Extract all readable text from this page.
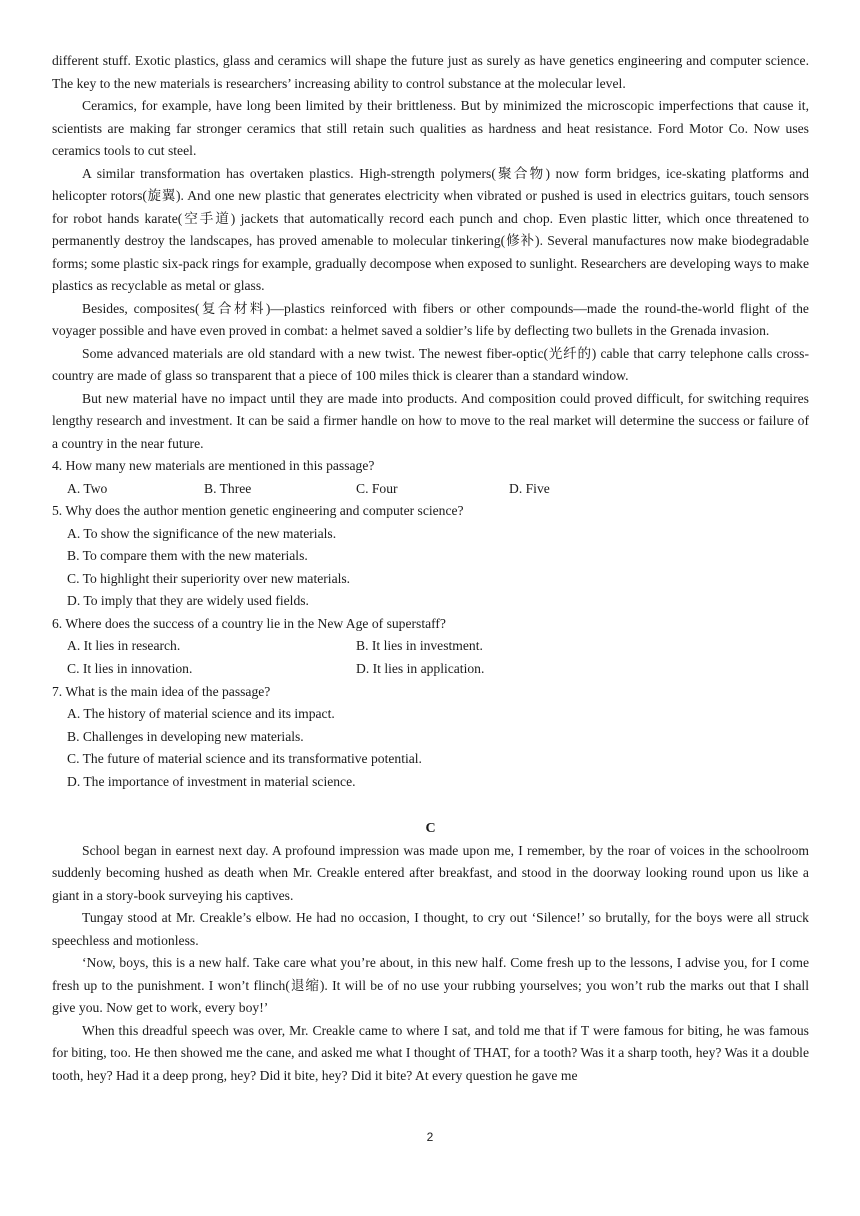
different stuff. Exotic plastics, glass and ceramics will shape the future just as surely as have genetics engineering and computer science. The key to the new materials is researchers’ increasing ability to control substance at the molecular level.

Ceramics, for example, have long been limited by their brittleness. But by minimized the microscopic imperfections that cause it, scientists are making far stronger ceramics that still retain such qualities as hardness and heat resistance. Ford Motor Co. Now uses ceramics tools to cut steel.

A similar transformation has overtaken plastics. High-strength polymers(聚合物) now form bridges, ice-skating platforms and helicopter rotors(旋翼). And one new plastic that generates electricity when vibrated or pushed is used in electrics guitars, touch sensors for robot hands karate(空手道) jackets that automatically record each punch and chop. Even plastic litter, which once threatened to permanently destroy the landscapes, has proved amenable to molecular tinkering(修补). Several manufactures now make biodegradable forms; some plastic six-pack rings for example, gradually decompose when exposed to sunlight. Researchers are developing ways to make plastics as recyclable as metal or glass.

Besides, composites(复合材料)—plastics reinforced with fibers or other compounds—made the round-the-world flight of the voyager possible and have even proved in combat: a helmet saved a soldier’s life by deflecting two bullets in the Grenada invasion.

Some advanced materials are old standard with a new twist. The newest fiber-optic(光纤的) cable that carry telephone calls cross-country are made of glass so transparent that a piece of 100 miles thick is clearer than a standard window.

But new material have no impact until they are made into products. And composition could proved difficult, for switching requires lengthy research and investment. It can be said a firmer handle on how to move to the real market will determine the success or failure of a country in the near future.

4. How many new materials are mentioned in this passage?

A. Two	B. Three	C. Four	D. Five

5. Why does the author mention genetic engineering and computer science?

A. To show the significance of the new materials.

B. To compare them with the new materials.

C. To highlight their superiority over new materials.

D. To imply that they are widely used fields.

6. Where does the success of a country lie in the New Age of superstaff?

A. It lies in research.	B. It lies in investment.
C. It lies in innovation.	D. It lies in application.

7. What is the main idea of the passage?

A. The history of material science and its impact.

B. Challenges in developing new materials.

C. The future of material science and its transformative potential.

D. The importance of investment in material science.

C

School began in earnest next day. A profound impression was made upon me, I remember, by the roar of voices in the schoolroom suddenly becoming hushed as death when Mr. Creakle entered after breakfast, and stood in the doorway looking round upon us like a giant in a story-book surveying his captives.

Tungay stood at Mr. Creakle’s elbow. He had no occasion, I thought, to cry out ‘Silence!’ so brutally, for the boys were all struck speechless and motionless.

‘Now, boys, this is a new half. Take care what you’re about, in this new half. Come fresh up to the lessons, I advise you, for I come fresh up to the punishment. I won’t flinch(退缩). It will be of no use your rubbing yourselves; you won’t rub the marks out that I shall give you. Now get to work, every boy!’

When this dreadful speech was over, Mr. Creakle came to where I sat, and told me that if T were famous for biting, he was famous for biting, too. He then showed me the cane, and asked me what I thought of THAT, for a tooth? Was it a sharp tooth, hey? Was it a double tooth, hey? Had it a deep prong, hey? Did it bite, hey? Did it bite? At every question he gave me

2
